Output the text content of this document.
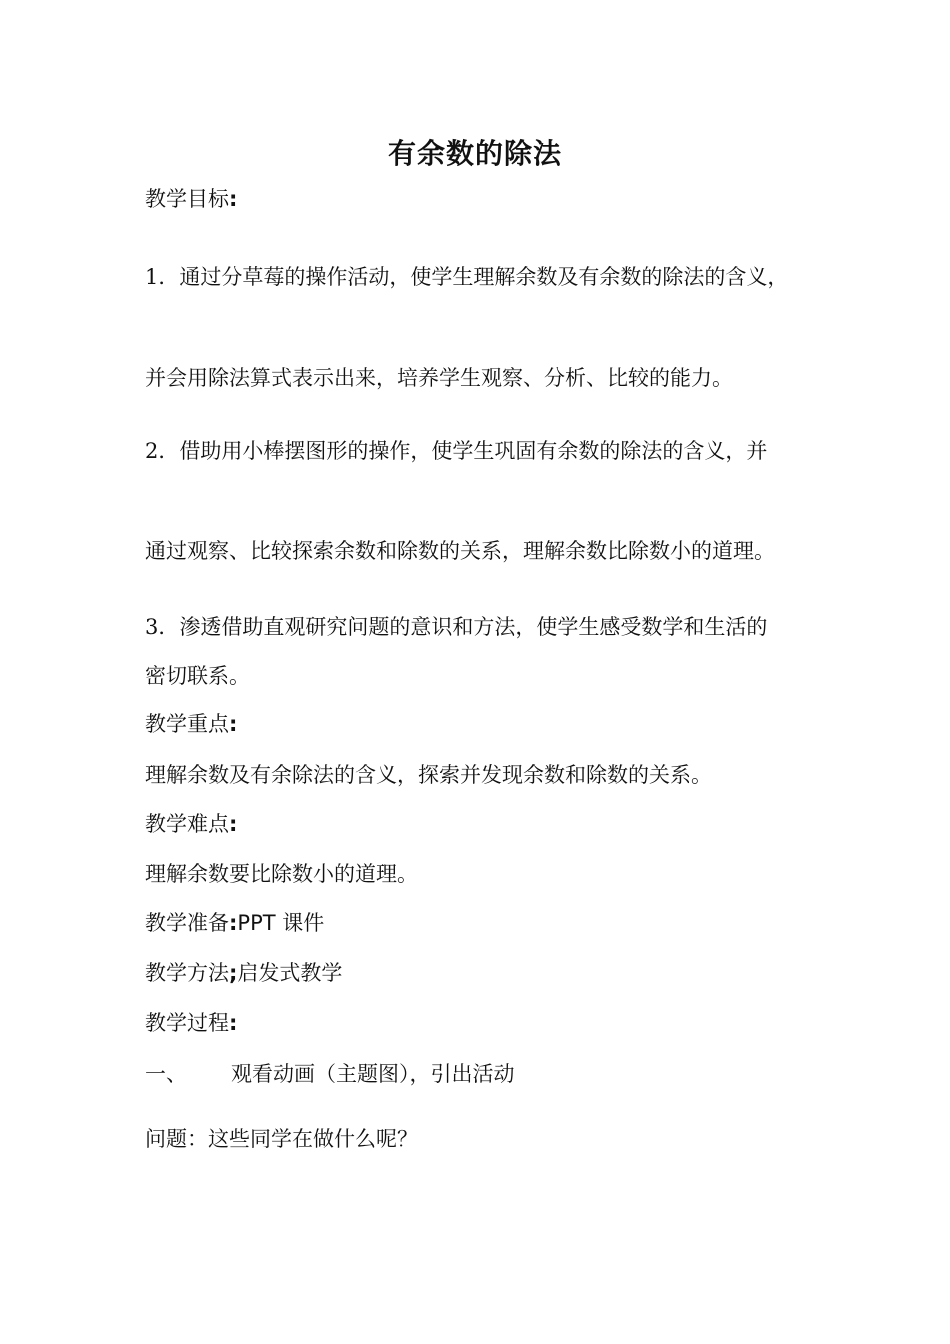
有余数的除法
教学目标:
1．通过分草莓的操作活动，使学生理解余数及有余数的除法的含义，
并会用除法算式表示出来，培养学生观察、分析、比较的能力。
2．借助用小棒摆图形的操作，使学生巩固有余数的除法的含义，并
通过观察、比较探索余数和除数的关系，理解余数比除数小的道理。
3．渗透借助直观研究问题的意识和方法，使学生感受数学和生活的
密切联系。
教学重点:
理解余数及有余除法的含义，探索并发现余数和除数的关系。
教学难点:
理解余数要比除数小的道理。
教学准备:PPT 课件
教学方法;启发式教学
教学过程:
一、 观看动画（主题图），引出活动
问题：这些同学在做什么呢？
